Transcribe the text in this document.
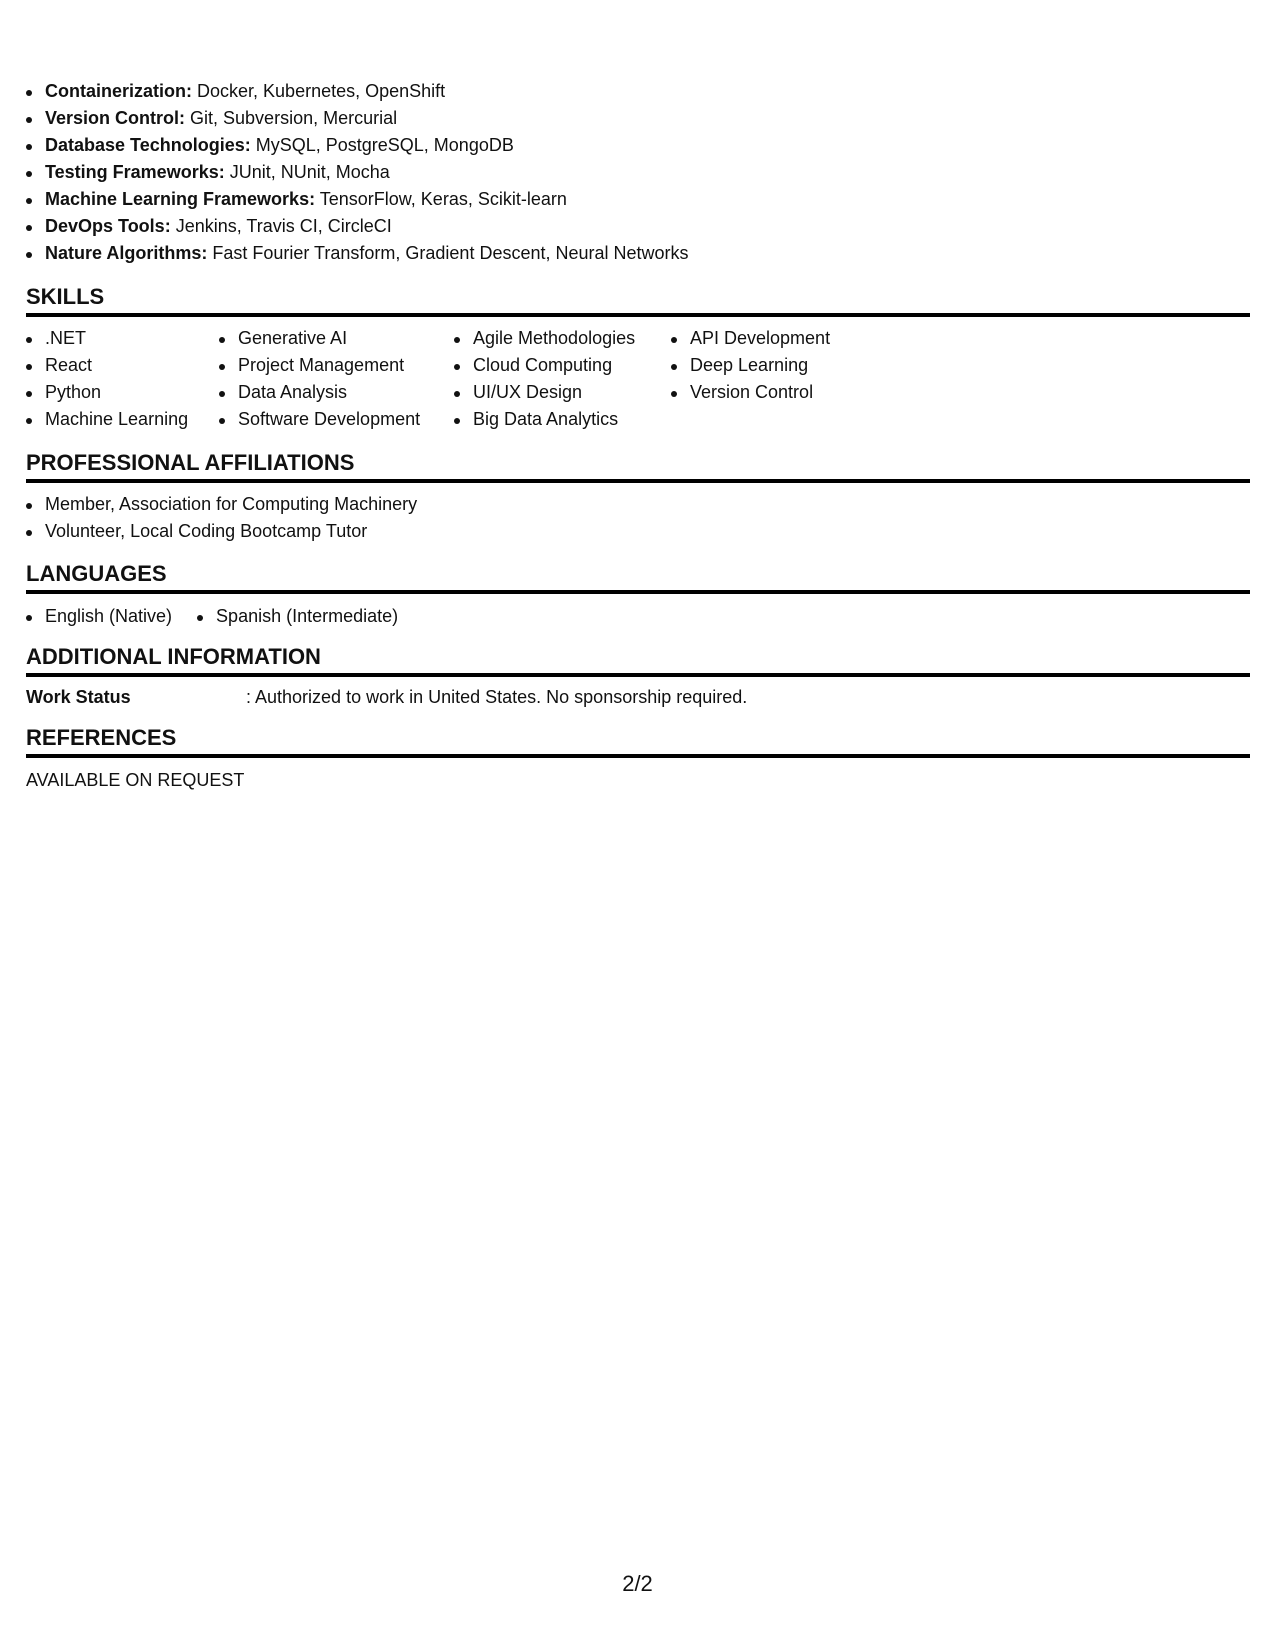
Containerization: Docker, Kubernetes, OpenShift
Version Control: Git, Subversion, Mercurial
Database Technologies: MySQL, PostgreSQL, MongoDB
Testing Frameworks: JUnit, NUnit, Mocha
Machine Learning Frameworks: TensorFlow, Keras, Scikit-learn
DevOps Tools: Jenkins, Travis CI, CircleCI
Nature Algorithms: Fast Fourier Transform, Gradient Descent, Neural Networks
SKILLS
.NET
React
Python
Machine Learning
Generative AI
Project Management
Data Analysis
Software Development
Agile Methodologies
Cloud Computing
UI/UX Design
Big Data Analytics
API Development
Deep Learning
Version Control
PROFESSIONAL AFFILIATIONS
Member, Association for Computing Machinery
Volunteer, Local Coding Bootcamp Tutor
LANGUAGES
English (Native)	Spanish (Intermediate)
ADDITIONAL INFORMATION
Work Status	: Authorized to work in United States. No sponsorship required.
REFERENCES
AVAILABLE ON REQUEST
2/2
